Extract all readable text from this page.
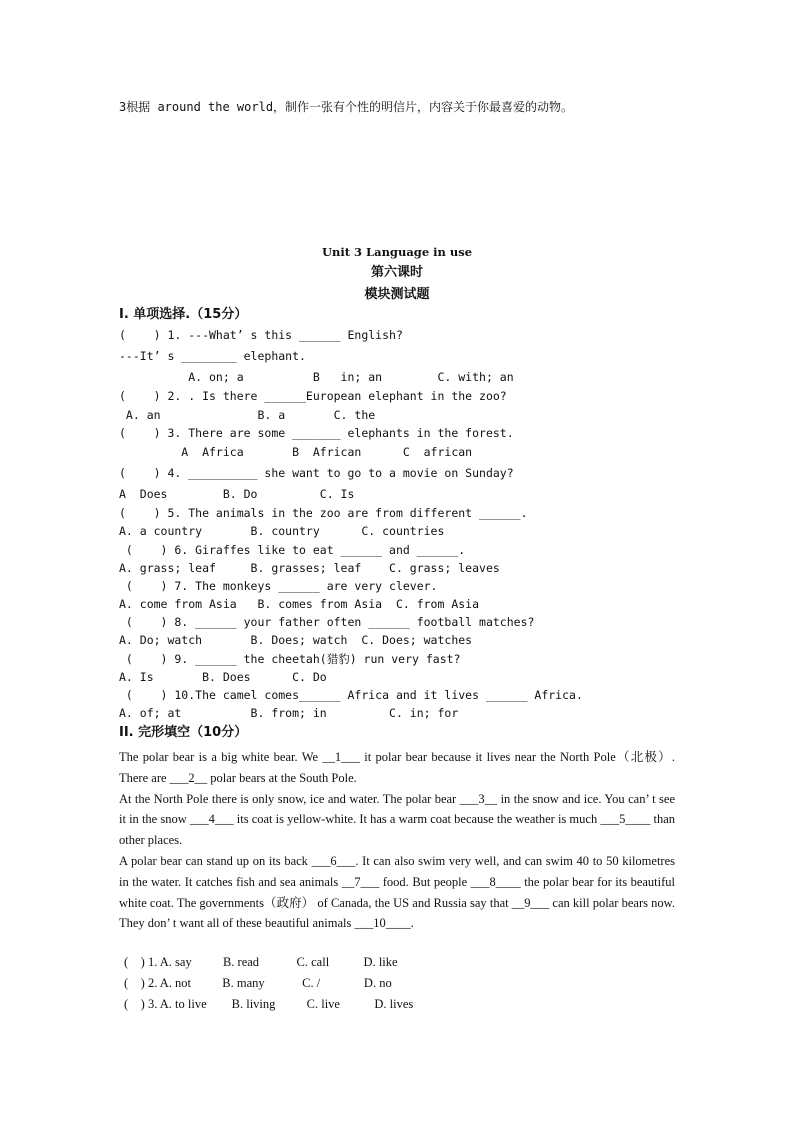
3根据 around the world，制作一张有个性的明信片，内容关于你最喜爱的动物。
Unit 3 Language in use
第六课时
模块测试题
I. 单项选择.（15分）
(    ) 1. ---What’ s this ______ English?
---It’ s ________ elephant.
A. on; a          B   in; an        C. with; an
(    ) 2. . Is there ______European elephant in the zoo?
A. an              B. a       C. the
(    ) 3. There are some _______ elephants in the forest.
A  Africa       B  African      C  african
(    ) 4. __________ she want to go to a movie on Sunday?
A  Does        B. Do         C. Is
(    ) 5. The animals in the zoo are from different ______.
A. a country       B. country      C. countries
(    ) 6. Giraffes like to eat ______ and ______.
A. grass; leaf     B. grasses; leaf    C. grass; leaves
(    ) 7. The monkeys ______ are very clever.
A. come from Asia   B. comes from Asia  C. from Asia
(    ) 8. ______ your father often ______ football matches?
A. Do; watch       B. Does; watch  C. Does; watches
(    ) 9. ______ the cheetah(猎豹) run very fast?
A. Is       B. Does      C. Do
(    ) 10.The camel comes______ Africa and it lives ______ Africa.
A. of; at          B. from; in         C. in; for
II. 完形填空（10分）

The polar bear is a big white bear. We __1___ it polar bear because it lives near the North Pole（北极）. There are ___2__ polar bears at the South Pole.

At the North Pole there is only snow, ice and water. The polar bear ___3__ in the snow and ice. You can’ t see it in the snow ___4___ its coat is yellow-white. It has a warm coat because the weather is much ___5____ than other places.

A polar bear can stand up on its back ___6___. It can also swim very well, and can swim 40 to 50 kilometres in the water. It catches fish and sea animals __7___ food. But people ___8____ the polar bear for its beautiful white coat. The governments（政府） of Canada, the US and Russia say that __9___ can kill polar bears now. They don’ t want all of these beautiful animals ___10____.

(    ) 1. A. say          B. read            C. call           D. like
(    ) 2. A. not          B. many            C. /              D. no
(    ) 3. A. to live        B. living          C. live           D. lives
